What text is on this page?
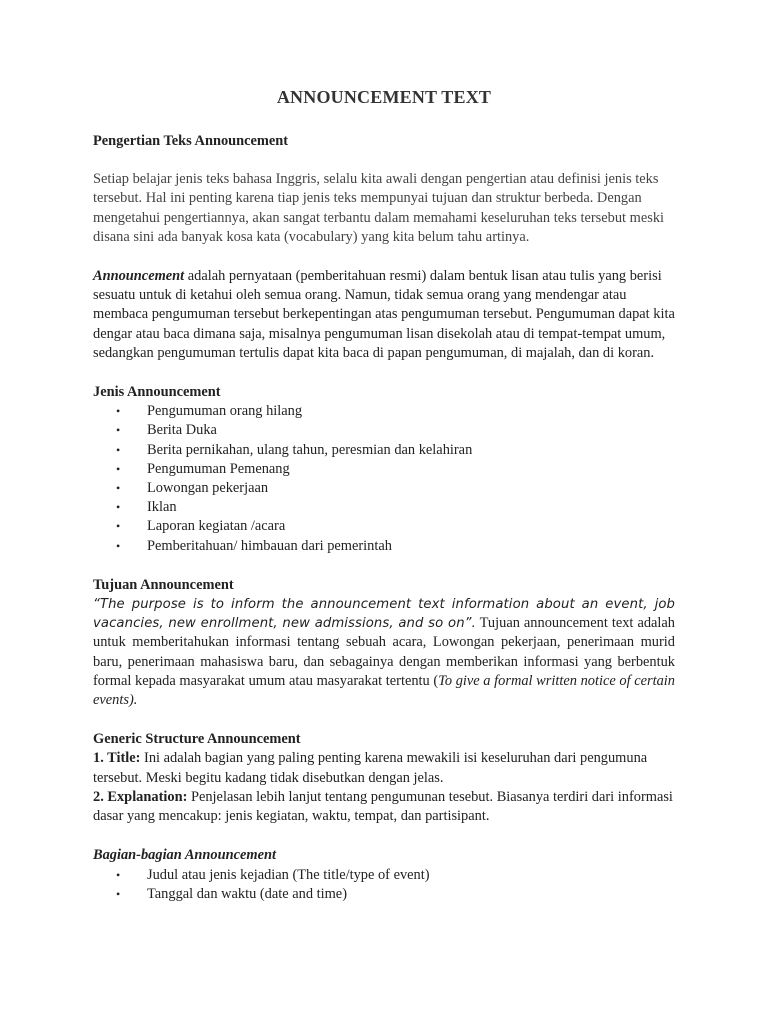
ANNOUNCEMENT TEXT

Pengertian Teks Announcement

Setiap belajar jenis teks bahasa Inggris, selalu kita awali dengan pengertian atau definisi jenis teks tersebut. Hal ini penting karena tiap jenis teks mempunyai tujuan dan struktur berbeda. Dengan mengetahui pengertiannya, akan sangat terbantu dalam memahami keseluruhan teks tersebut meski disana sini ada banyak kosa kata (vocabulary) yang kita belum tahu artinya.

Announcement adalah pernyataan (pemberitahuan resmi) dalam bentuk lisan atau tulis yang berisi sesuatu untuk di ketahui oleh semua orang. Namun, tidak semua orang yang mendengar atau membaca pengumuman tersebut berkepentingan atas pengumuman tersebut. Pengumuman dapat kita dengar atau baca dimana saja, misalnya pengumuman lisan disekolah atau di tempat-tempat umum, sedangkan pengumuman tertulis dapat kita baca di papan pengumuman, di majalah, dan di koran.

Jenis Announcement

• Pengumuman orang hilang
• Berita Duka
• Berita pernikahan, ulang tahun, peresmian dan kelahiran
• Pengumuman Pemenang
• Lowongan pekerjaan
• Iklan
• Laporan kegiatan /acara
• Pemberitahuan/ himbauan dari pemerintah

Tujuan Announcement

“The purpose is to inform the announcement text information about an event, job vacancies, new enrollment, new admissions, and so on”. Tujuan announcement text adalah untuk memberitahukan informasi tentang sebuah acara, Lowongan pekerjaan, penerimaan murid baru, penerimaan mahasiswa baru, dan sebagainya dengan memberikan informasi yang berbentuk formal kepada masyarakat umum atau masyarakat tertentu (To give a formal written notice of certain events).

Generic Structure Announcement

1. Title: Ini adalah bagian yang paling penting karena mewakili isi keseluruhan dari pengumuna tersebut. Meski begitu kadang tidak disebutkan dengan jelas.

2. Explanation: Penjelasan lebih lanjut tentang pengumunan tesebut. Biasanya terdiri dari informasi dasar yang mencakup: jenis kegiatan, waktu, tempat, dan partisipant.

Bagian-bagian Announcement

• Judul atau jenis kejadian (The title/type of event)
• Tanggal dan waktu (date and time)
